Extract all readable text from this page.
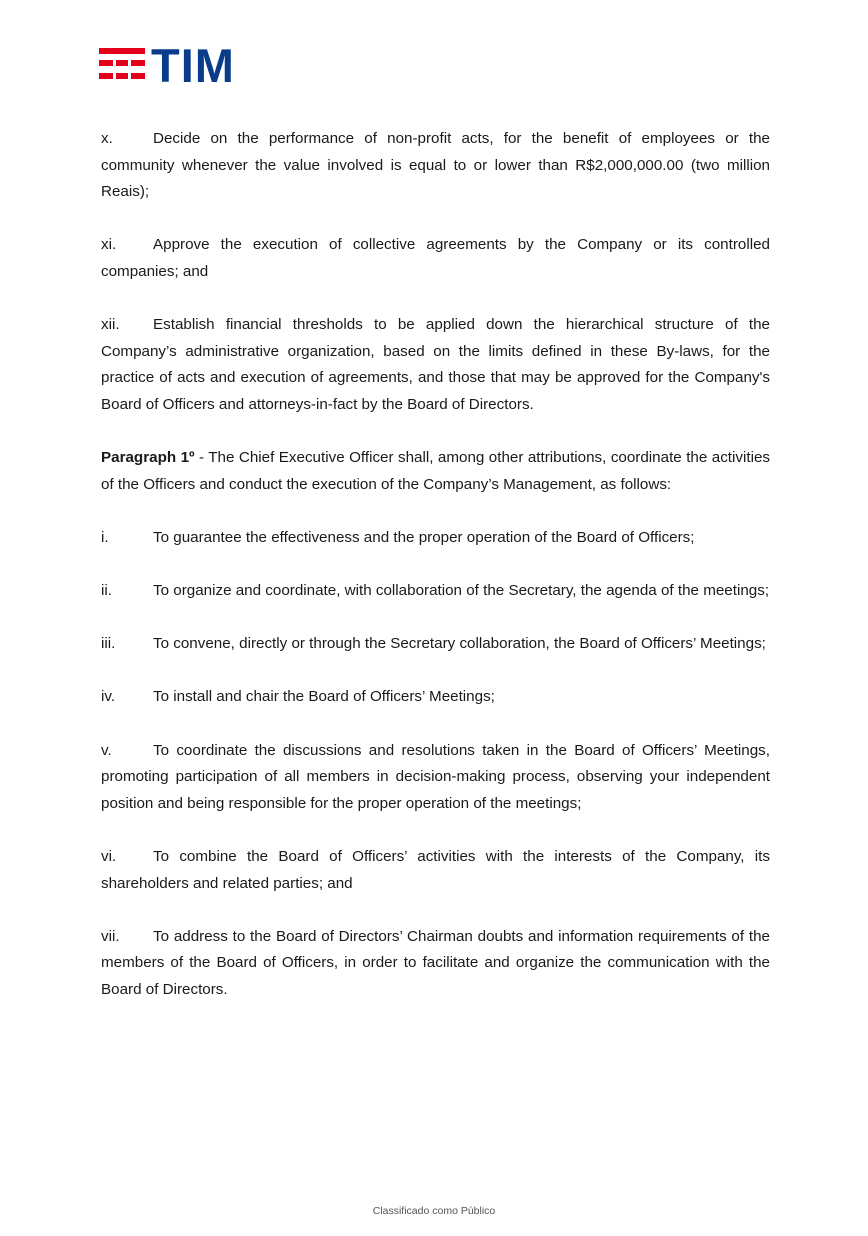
TIM

x.	Decide on the performance of non-profit acts, for the benefit of employees or the community whenever the value involved is equal to or lower than R$2,000,000.00 (two million Reais);

xi. Approve the execution of collective agreements by the Company or its controlled companies; and

xii. Establish financial thresholds to be applied down the hierarchical structure of the Company’s administrative organization, based on the limits defined in these By-laws, for the practice of acts and execution of agreements, and those that may be approved for the Company's Board of Officers and attorneys-in-fact by the Board of Directors.

Paragraph 1º - The Chief Executive Officer shall, among other attributions, coordinate the activities of the Officers and conduct the execution of the Company’s Management, as follows:

i.	To guarantee the effectiveness and the proper operation of the Board of Officers;

ii.	To organize and coordinate, with collaboration of the Secretary, the agenda of the meetings;

iii. To convene, directly or through the Secretary collaboration, the Board of Officers’ Meetings;

iv. To install and chair the Board of Officers’ Meetings;

v.	To coordinate the discussions and resolutions taken in the Board of Officers’ Meetings, promoting participation of all members in decision-making process, observing your independent position and being responsible for the proper operation of the meetings;

vi. To combine the Board of Officers’ activities with the interests of the Company, its shareholders and related parties; and

vii. To address to the Board of Directors’ Chairman doubts and information requirements of the members of the Board of Officers, in order to facilitate and organize the communication with the Board of Directors.

Classificado como Público
